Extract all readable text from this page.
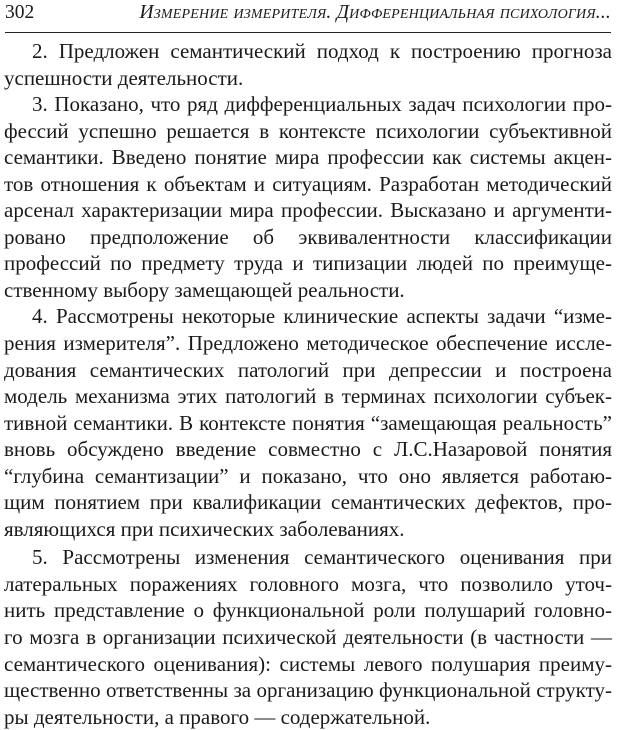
302	Измерение измерителя. Дифференциальная психология...
2. Предложен семантический подход к построению прогноза
успешности деятельности.
3. Показано, что ряд дифференциальных задач психологии про-
фессий успешно решается в контексте психологии субъективной
семантики. Введено понятие мира профессии как системы акцен-
тов отношения к объектам и ситуациям. Разработан методический
арсенал характеризации мира профессии. Высказано и аргументи-
ровано предположение об эквивалентности классификации
профессий по предмету труда и типизации людей по преимуще-
ственному выбору замещающей реальности.
4. Рассмотрены некоторые клинические аспекты задачи “изме-
рения измерителя”. Предложено методическое обеспечение иссле-
дования семантических патологий при депрессии и построена
модель механизма этих патологий в терминах психологии субъек-
тивной семантики. В контексте понятия “замещающая реальность”
вновь обсуждено введение совместно с Л.С.Назаровой понятия
“глубина семантизации” и показано, что оно является работаю-
щим понятием при квалификации семантических дефектов, про-
являющихся при психических заболеваниях.
5. Рассмотрены изменения семантического оценивания при
латеральных поражениях головного мозга, что позволило уточ-
нить представление о функциональной роли полушарий головно-
го мозга в организации психической деятельности (в частности —
семантического оценивания): системы левого полушария преиму-
щественно ответственны за организацию функциональной структу-
ры деятельности, а правого — содержательной.
